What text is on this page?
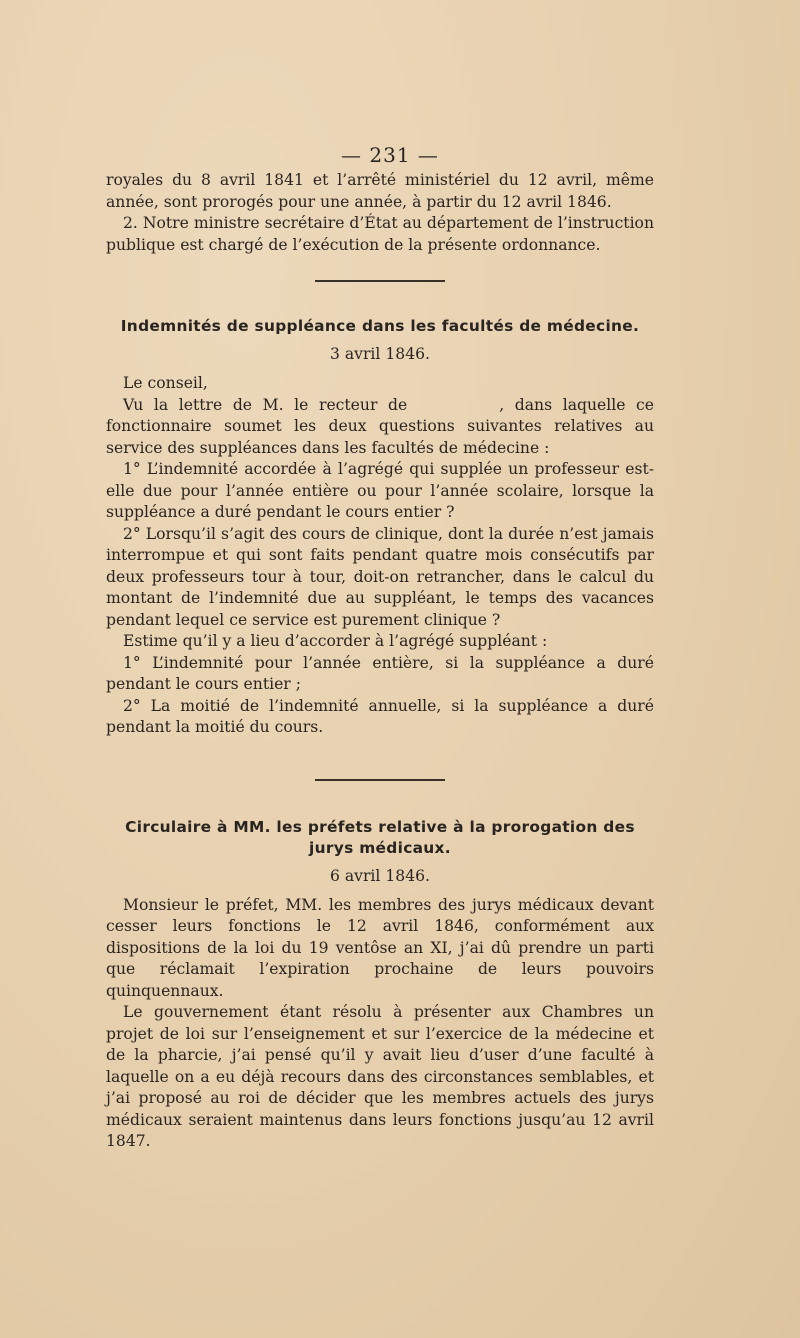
— 231 —

royales du 8 avril 1841 et l’arrêté ministériel du 12 avril, même année, sont prorogés pour une année, à partir du 12 avril 1846.

2. Notre ministre secrétaire d’État au département de l’instruction publique est chargé de l’exécution de la présente ordonnance.

Indemnités de suppléance dans les facultés de médecine.
3 avril 1846.

Le conseil,

Vu la lettre de M. le recteur de	, dans laquelle ce fonctionnaire soumet les deux questions suivantes relatives au service des suppléances dans les facultés de médecine :

1° L’indemnité accordée à l’agrégé qui supplée un professeur est-elle due pour l’année entière ou pour l’année scolaire, lorsque la suppléance a duré pendant le cours entier ?

2° Lorsqu’il s’agit des cours de clinique, dont la durée n’est jamais interrompue et qui sont faits pendant quatre mois consécutifs par deux professeurs tour à tour, doit-on retrancher, dans le calcul du montant de l’indemnité due au suppléant, le temps des vacances pendant lequel ce service est purement clinique ?

Estime qu’il y a lieu d’accorder à l’agrégé suppléant :

1° L’indemnité pour l’année entière, si la suppléance a duré pendant le cours entier ;

2° La moitié de l’indemnité annuelle, si la suppléance a duré pendant la moitié du cours.

Circulaire à MM. les préfets relative à la prorogation des
jurys médicaux.
6 avril 1846.

Monsieur le préfet, MM. les membres des jurys médicaux devant cesser leurs fonctions le 12 avril 1846, conformément aux dispositions de la loi du 19 ventôse an XI, j’ai dû prendre un parti que réclamait l’expiration prochaine de leurs pouvoirs quinquennaux.

Le gouvernement étant résolu à présenter aux Chambres un projet de loi sur l’enseignement et sur l’exercice de la médecine et de la pharcie, j’ai pensé qu’il y avait lieu d’user d’une faculté à laquelle on a eu déjà recours dans des circonstances semblables, et j’ai proposé au roi de décider que les membres actuels des jurys médicaux seraient maintenus dans leurs fonctions jusqu’au 12 avril 1847.
